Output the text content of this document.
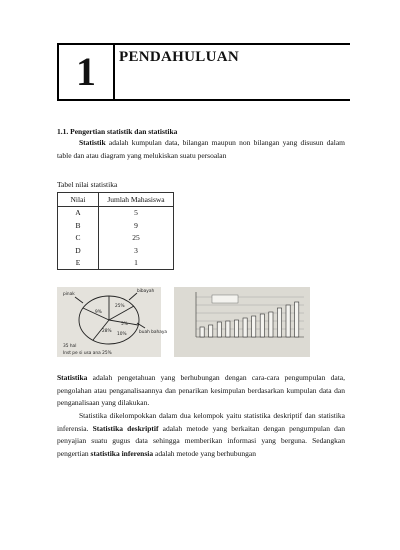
1 PENDAHULUAN
1.1. Pengertian statistik dan statistika

Statistik adalah kumpulan data, bilangan maupun non bilangan yang disusun dalam table dan atau diagram yang melukiskan suatu persoalan

Tabel nilai statistika
Nilai	Jumlah Mahasiswa
A	5
B	9
C	25
D	3
E	1
pinak
bibayah
buah bahaya
9%
25%
28%
5%
10%
35 hal
Inst pe si usa ana 25%

Statistika adalah pengetahuan yang berhubungan dengan cara-cara pengumpulan data, pengolahan atau penganalisaannya dan penarikan kesimpulan berdasarkan kumpulan data dan penganalisaan yang dilakukan.

Statistika dikelompokkan dalam dua kelompok yaitu statistika deskriptif dan statistika inferensia. Statistika deskriptif adalah metode yang berkaitan dengan pengumpulan dan penyajian suatu gugus data sehingga memberikan informasi yang berguna. Sedangkan pengertian statistika inferensia adalah metode yang berhubungan
